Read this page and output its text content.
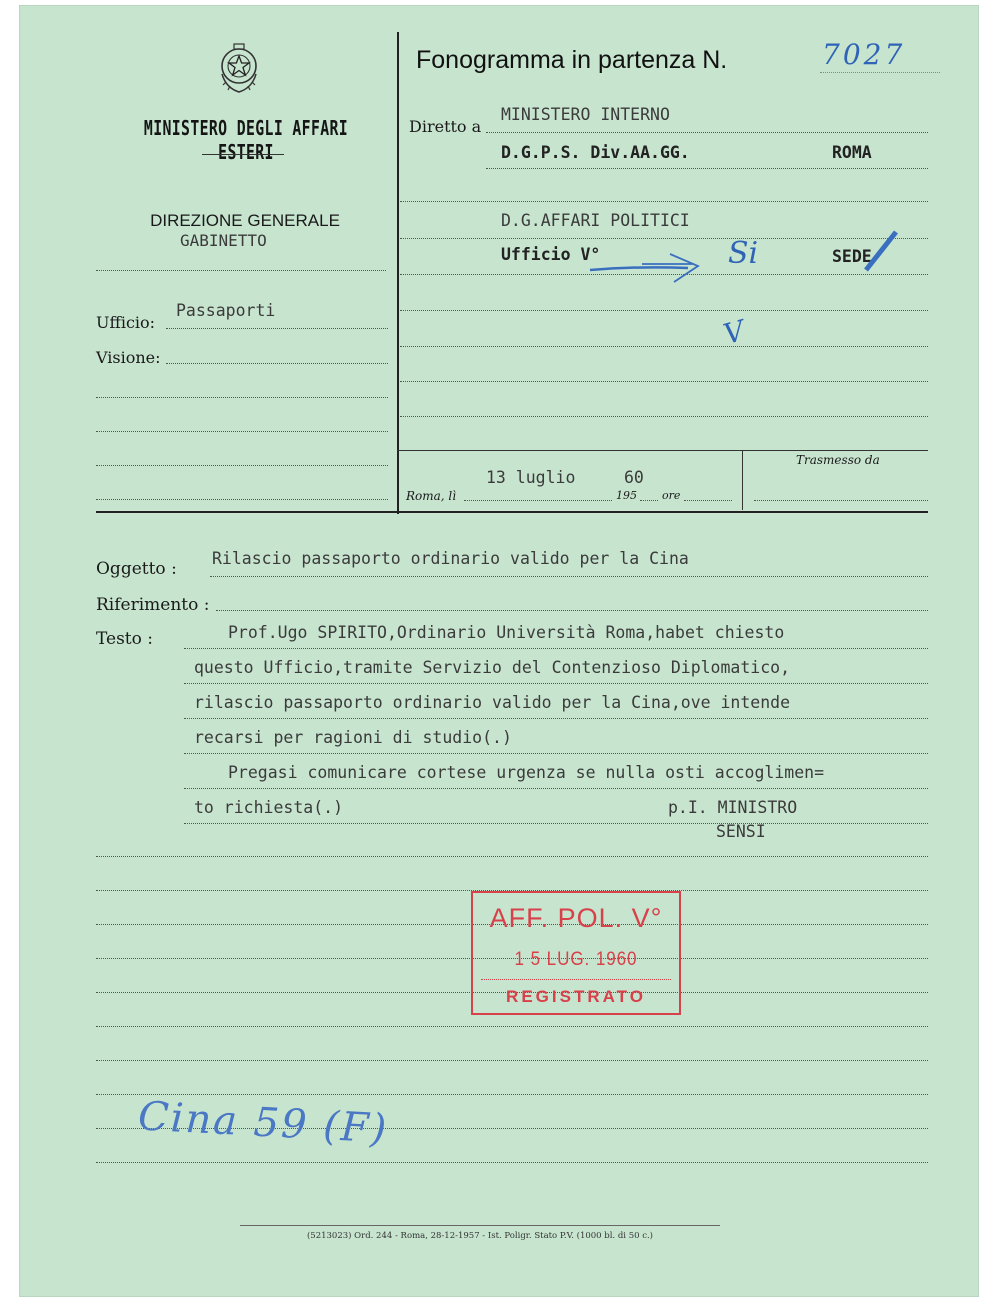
MINISTERO DEGLI AFFARI ESTERI
DIREZIONE GENERALE
GABINETTO
Ufficio:
Passaporti
Visione:
Fonogramma in partenza N.	7027
Diretto a
MINISTERO INTERNO
D.G.P.S. Div.AA.GG.	ROMA
D.G.AFFARI POLITICI
Ufficio V°	SEDE
Si
V
13 luglio	60
Roma, lì	195 ore
Trasmesso da
Oggetto :
Rilascio passaporto ordinario valido per la Cina
Riferimento :
Testo :	Prof.Ugo SPIRITO,Ordinario Università Roma,habet chiesto
questo Ufficio,tramite Servizio del Contenzioso Diplomatico,
rilascio passaporto ordinario valido per la Cina,ove intende
recarsi per ragioni di studio(.)
Pregasi comunicare cortese urgenza se nulla osti accoglimen=
to richiesta(.)	p.I. MINISTRO
SENSI
AFF. POL. V°
1 5 LUG. 1960
REGISTRATO
Cina 59 (F)
(5213023) Ord. 244 - Roma, 28-12-1957 - Ist. Poligr. Stato P.V. (1000 bl. di 50 c.)
